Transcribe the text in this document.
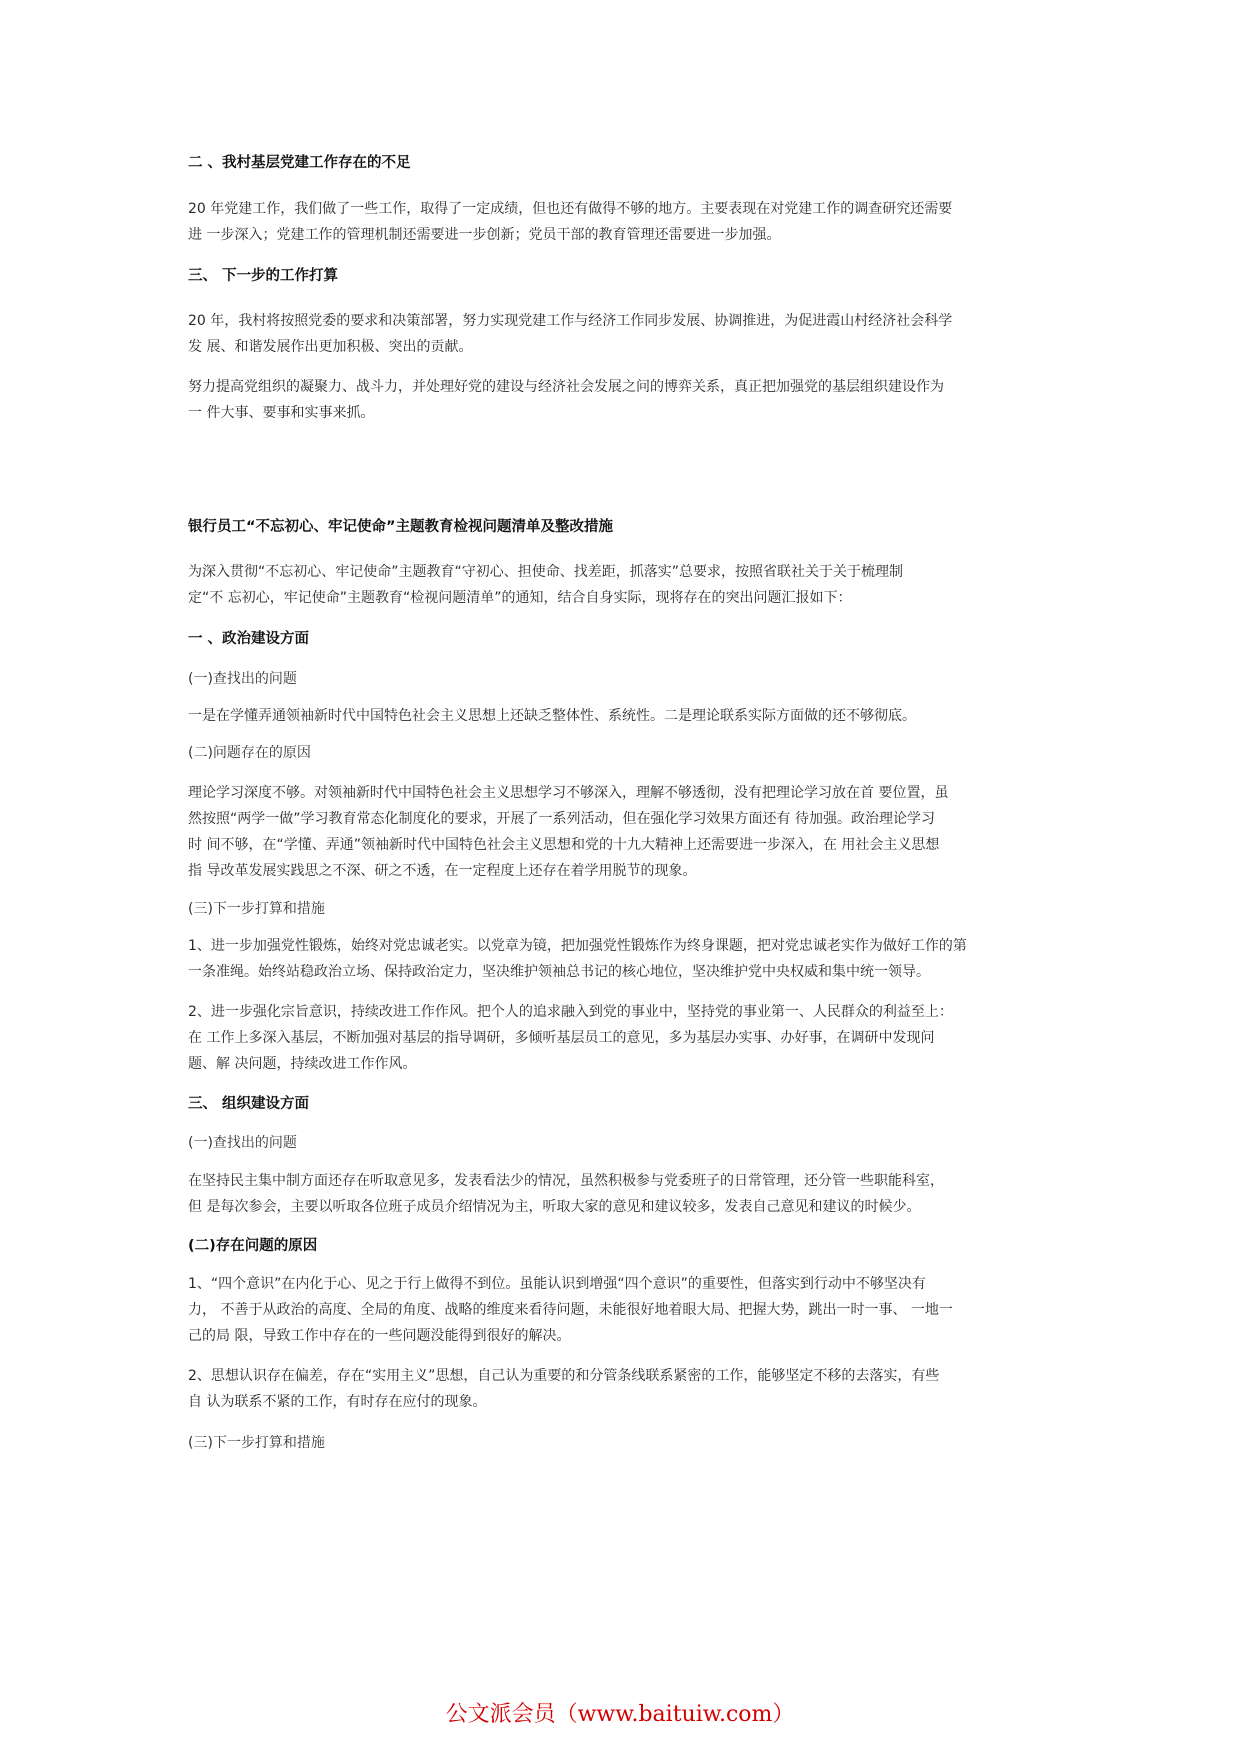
二 、我村基层党建工作存在的不足
20 年党建工作，我们做了一些工作，取得了一定成绩，但也还有做得不够的地方。主要表现在对党建工作的调查研究还需要
进 一步深入；党建工作的管理机制还需要进一步创新；党员干部的教育管理还雷要进一步加强。
三、 下一步的工作打算
20 年，我村将按照党委的要求和决策部署，努力实现党建工作与经济工作同步发展、协调推进，为促进霞山村经济社会科学
发 展、和谐发展作出更加积极、突出的贡献。
努力提高党组织的凝聚力、战斗力，并处理好党的建设与经济社会发展之问的博弈关系，真正把加强党的基层组织建设作为
一 件大事、要事和实事来抓。
银行员工“不忘初心、牢记使命”主题教育检视问题清单及整改措施
为深入贯彻“不忘初心、牢记使命”主题教育“守初心、担使命、找差距，抓落实”总要求，按照省联社关于关于梳理制
定“不 忘初心，牢记使命”主题教育“检视问题清单”的通知，结合自身实际，现将存在的突出问题汇报如下：
一 、政治建设方面
(一)查找出的问题
一是在学懂弄通领袖新时代中国特色社会主义思想上还缺乏整体性、系统性。二是理论联系实际方面做的还不够彻底。
(二)问题存在的原因
理论学习深度不够。对领袖新时代中国特色社会主义思想学习不够深入，理解不够透彻，没有把理论学习放在首 要位置，虽
然按照“两学一做”学习教育常态化制度化的要求，开展了一系列活动，但在强化学习效果方面还有 待加强。政治理论学习
时 间不够，在“学懂、弄通”领袖新时代中国特色社会主义思想和党的十九大精神上还需要进一步深入，在 用社会主义思想
指 导改革发展实践思之不深、研之不透，在一定程度上还存在着学用脱节的现象。
(三)下一步打算和措施
1、进一步加强党性锻炼，始终对党忠诚老实。以党章为镜，把加强党性锻炼作为终身课题，把对党忠诚老实作为做好工作的第
一条准绳。始终站稳政治立场、保持政治定力，坚决维护领袖总书记的核心地位，坚决维护党中央权威和集中统一领导。
2、进一步强化宗旨意识，持续改进工作作风。把个人的追求融入到党的事业中，坚持党的事业第一、人民群众的利益至上：
在 工作上多深入基层，不断加强对基层的指导调研，多倾听基层员工的意见，多为基层办实事、办好事，在调研中发现问
题、解 决问题，持续改进工作作风。
三、 组织建设方面
(一)查找出的问题
在坚持民主集中制方面还存在听取意见多，发表看法少的情况，虽然积极参与党委班子的日常管理，还分管一些职能科室，
但 是每次参会，主要以听取各位班子成员介绍情况为主，听取大家的意见和建议较多，发表自己意见和建议的时候少。
(二)存在问题的原因
1、“四个意识”在内化于心、见之于行上做得不到位。虽能认识到增强“四个意识”的重要性，但落实到行动中不够坚决有
力， 不善于从政治的高度、全局的角度、战略的维度来看待问题，未能很好地着眼大局、把握大势，跳出一时一事、 一地一
己的局 限，导致工作中存在的一些问题没能得到很好的解决。
2、思想认识存在偏差，存在“实用主义”思想，自己认为重要的和分管条线联系紧密的工作，能够坚定不移的去落实，有些
自 认为联系不紧的工作，有时存在应付的现象。
(三)下一步打算和措施
公文派会员（www.baituiw.com）
